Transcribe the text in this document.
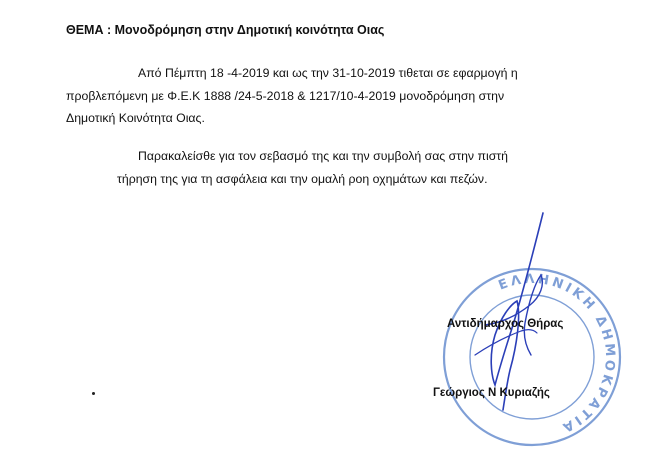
ΘΕΜΑ : Μονοδρόμηση στην Δημοτική κοινότητα Οιας
Από Πέμπτη 18 -4-2019 και ως την 31-10-2019 τιθεται σε εφαρμογή η
προβλεπόμενη με Φ.Ε.Κ 1888 /24-5-2018 & 1217/10-4-2019 μονοδρόμηση στην
Δημοτική Κοινότητα Οιας.
Παρακαλείσθε για τον σεβασμό της και την συμβολή σας στην πιστή
τήρηση της για τη ασφάλεια και την ομαλή ροη οχημάτων και πεζών.
ΕΛΛΗΝΙΚΗ ΔΗΜΟΚΡΑΤΙΑ
Αντιδήμαρχος Θήρας
Γεώργιος Ν Κυριαζής
